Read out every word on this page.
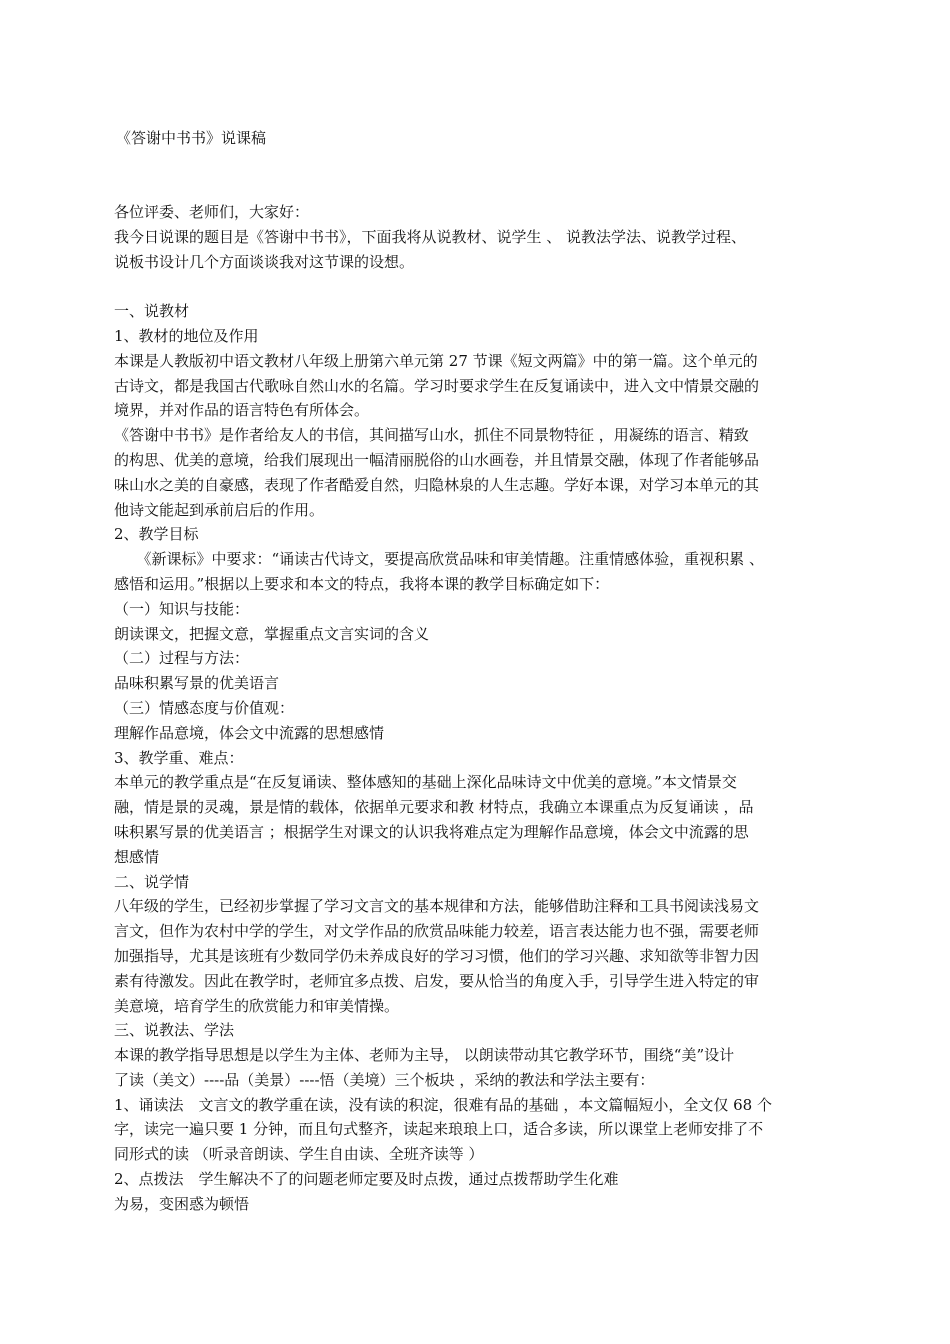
《答谢中书书》说课稿
各位评委、老师们，大家好：
我今日说课的题目是《答谢中书书》，下面我将从说教材、说学生 、 说教法学法、说教学过程、
说板书设计几个方面谈谈我对这节课的设想。
一、说教材
1、教材的地位及作用
本课是人教版初中语文教材八年级上册第六单元第 27 节课《短文两篇》中的第一篇。这个单元的
古诗文，都是我国古代歌咏自然山水的名篇。学习时要求学生在反复诵读中，进入文中情景交融的
境界，并对作品的语言特色有所体会。
《答谢中书书》是作者给友人的书信，其间描写山水，抓住不同景物特征 ，用凝练的语言、精致
的构思、优美的意境，给我们展现出一幅清丽脱俗的山水画卷，并且情景交融，体现了作者能够品
味山水之美的自豪感，表现了作者酷爱自然，归隐林泉的人生志趣。学好本课，对学习本单元的其
他诗文能起到承前启后的作用。
2、教学目标
　　《新课标》中要求：“诵读古代诗文，要提高欣赏品味和审美情趣。注重情感体验，重视积累 、
感悟和运用。”根据以上要求和本文的特点，我将本课的教学目标确定如下：
（一）知识与技能：
朗读课文，把握文意，掌握重点文言实词的含义
（二）过程与方法：
品味积累写景的优美语言
（三）情感态度与价值观：
理解作品意境，体会文中流露的思想感情
3、教学重、难点：
本单元的教学重点是“在反复诵读、整体感知的基础上深化品味诗文中优美的意境。”本文情景交
融，情是景的灵魂，景是情的载体，依据单元要求和教 材特点，我确立本课重点为反复诵读 ，品
味积累写景的优美语言 ；根据学生对课文的认识我将难点定为理解作品意境，体会文中流露的思
想感情
二、说学情
八年级的学生，已经初步掌握了学习文言文的基本规律和方法，能够借助注释和工具书阅读浅易文
言文，但作为农村中学的学生，对文学作品的欣赏品味能力较差，语言表达能力也不强，需要老师
加强指导，尤其是该班有少数同学仍未养成良好的学习习惯，他们的学习兴趣、求知欲等非智力因
素有待激发。因此在教学时，老师宜多点拨、启发，要从恰当的角度入手，引导学生进入特定的审
美意境，培育学生的欣赏能力和审美情操。
三、说教法、学法
本课的教学指导思想是以学生为主体、老师为主导， 以朗读带动其它教学环节，围绕“美”设计
了读（美文）----品（美景）----悟（美境）三个板块 ，采纳的教法和学法主要有：
1、诵读法　文言文的教学重在读，没有读的积淀，很难有品的基础 ，本文篇幅短小，全文仅 68 个
字，读完一遍只要 1 分钟，而且句式整齐，读起来琅琅上口，适合多读，所以课堂上老师安排了不
同形式的读 （听录音朗读、学生自由读、全班齐读等 ）
2、点拨法　学生解决不了的问题老师定要及时点拨，通过点拨帮助学生化难
为易，变困惑为顿悟
